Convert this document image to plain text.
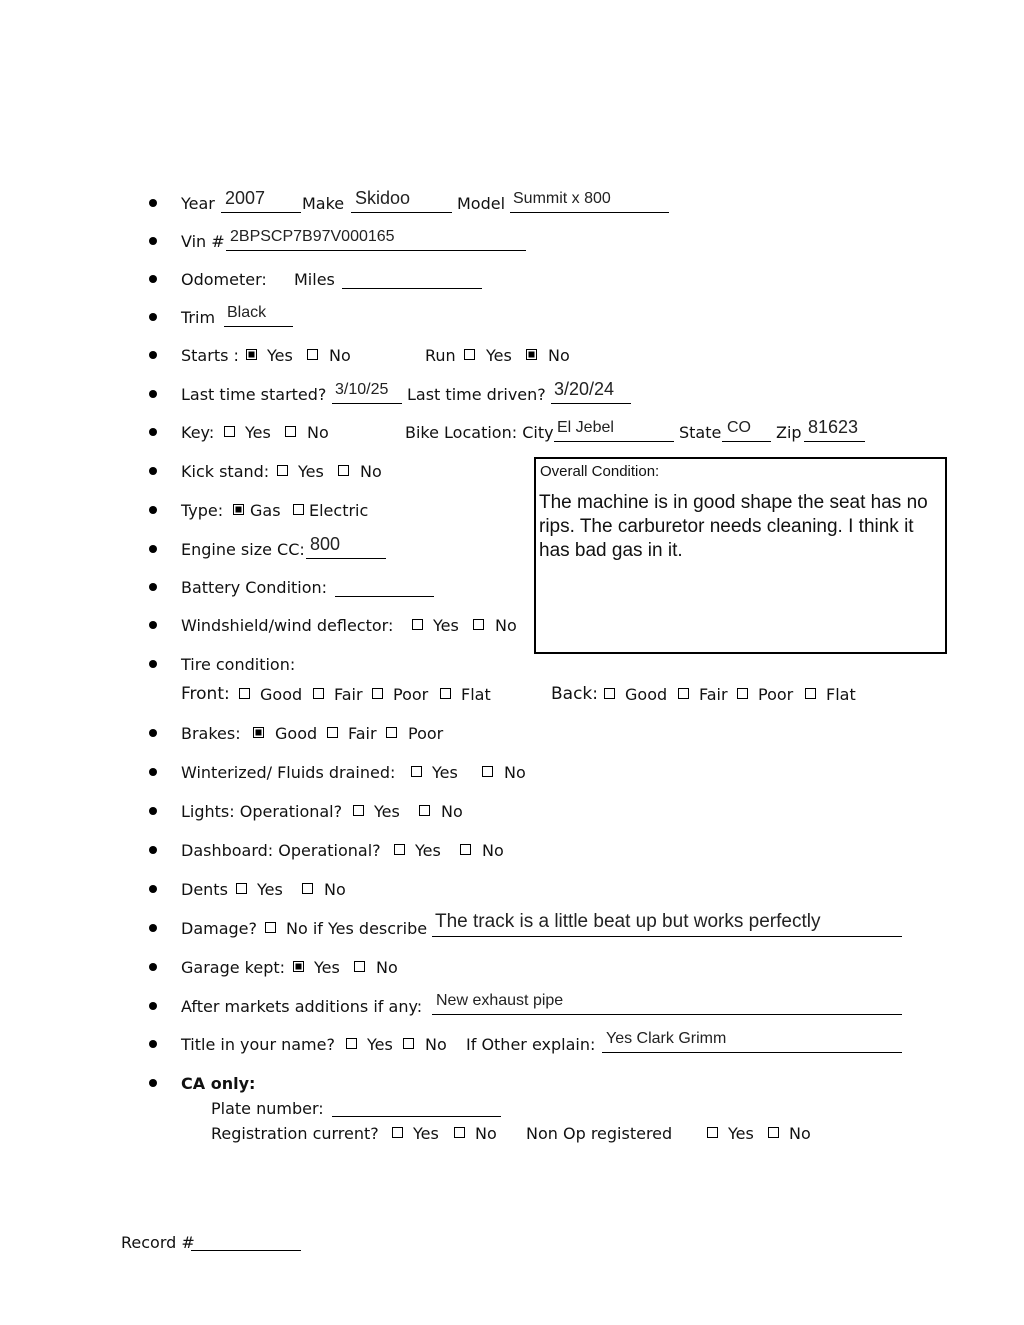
Year 2007 Make Skidoo	Model Summit x 800
Vin # 2BPSCP7B97V000165
Odometer: Miles
Trim Black
Starts : Yes No	Run Yes No
Last time started? 3/10/25 Last time driven? 3/20/24
Key: Yes No	Bike Location: City El Jebel	State CO Zip 81623
Overall Condition:
The machine is in good shape the seat has no rips. The carburetor needs cleaning. I think it has bad gas in it.
Kick stand: Yes No
Type: Gas Electric
Engine size CC: 800
Battery Condition:
Windshield/wind deflector: Yes No
Tire condition:
Front: Good Fair Poor Flat	Back: Good Fair Poor Flat
Brakes: Good Fair Poor
Winterized/ Fluids drained: Yes	No
Lights: Operational? Yes	No
Dashboard: Operational? Yes	No
Dents Yes	No
Damage? No if Yes describe The track is a little beat up but works perfectly
Garage kept: Yes No
After markets additions if any: New exhaust pipe
Title in your name? Yes No If Other explain: Yes Clark Grimm
CA only:
Plate number:
Registration current? Yes No Non Op registered	Yes No
Record #
